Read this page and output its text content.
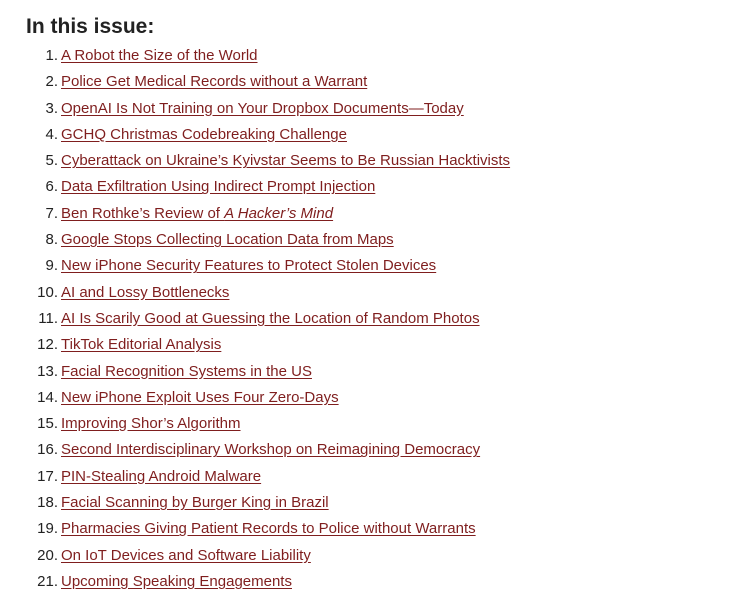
In this issue:
1. A Robot the Size of the World
2. Police Get Medical Records without a Warrant
3. OpenAI Is Not Training on Your Dropbox Documents—Today
4. GCHQ Christmas Codebreaking Challenge
5. Cyberattack on Ukraine’s Kyivstar Seems to Be Russian Hacktivists
6. Data Exfiltration Using Indirect Prompt Injection
7. Ben Rothke’s Review of A Hacker’s Mind
8. Google Stops Collecting Location Data from Maps
9. New iPhone Security Features to Protect Stolen Devices
10. AI and Lossy Bottlenecks
11. AI Is Scarily Good at Guessing the Location of Random Photos
12. TikTok Editorial Analysis
13. Facial Recognition Systems in the US
14. New iPhone Exploit Uses Four Zero-Days
15. Improving Shor’s Algorithm
16. Second Interdisciplinary Workshop on Reimagining Democracy
17. PIN-Stealing Android Malware
18. Facial Scanning by Burger King in Brazil
19. Pharmacies Giving Patient Records to Police without Warrants
20. On IoT Devices and Software Liability
21. Upcoming Speaking Engagements
